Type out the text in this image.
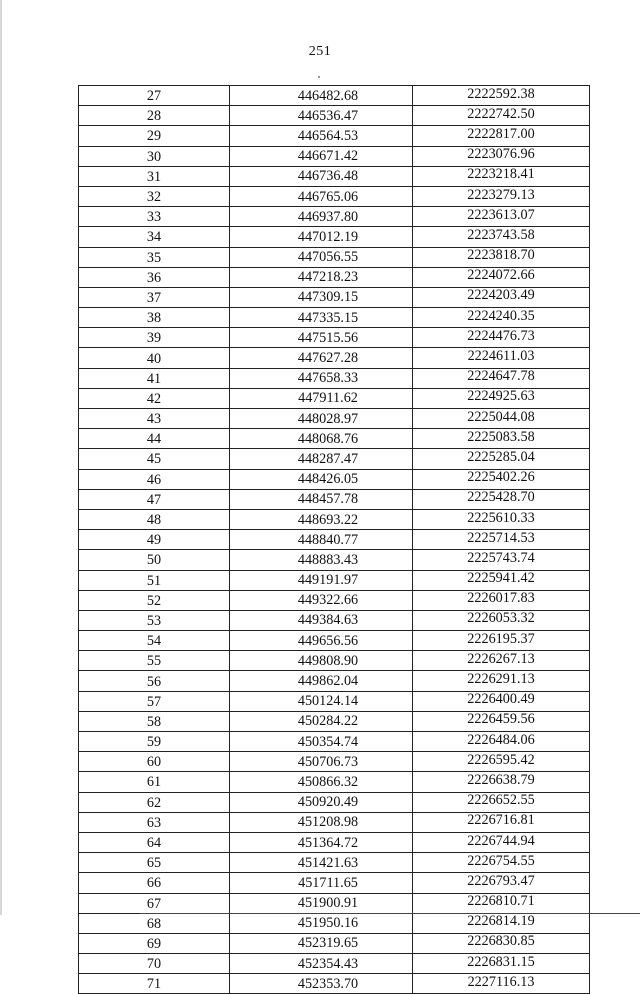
251
27	446482.68	2222592.38
28	446536.47	2222742.50
29	446564.53	2222817.00
30	446671.42	2223076.96
31	446736.48	2223218.41
32	446765.06	2223279.13
33	446937.80	2223613.07
34	447012.19	2223743.58
35	447056.55	2223818.70
36	447218.23	2224072.66
37	447309.15	2224203.49
38	447335.15	2224240.35
39	447515.56	2224476.73
40	447627.28	2224611.03
41	447658.33	2224647.78
42	447911.62	2224925.63
43	448028.97	2225044.08
44	448068.76	2225083.58
45	448287.47	2225285.04
46	448426.05	2225402.26
47	448457.78	2225428.70
48	448693.22	2225610.33
49	448840.77	2225714.53
50	448883.43	2225743.74
51	449191.97	2225941.42
52	449322.66	2226017.83
53	449384.63	2226053.32
54	449656.56	2226195.37
55	449808.90	2226267.13
56	449862.04	2226291.13
57	450124.14	2226400.49
58	450284.22	2226459.56
59	450354.74	2226484.06
60	450706.73	2226595.42
61	450866.32	2226638.79
62	450920.49	2226652.55
63	451208.98	2226716.81
64	451364.72	2226744.94
65	451421.63	2226754.55
66	451711.65	2226793.47
67	451900.91	2226810.71
68	451950.16	2226814.19
69	452319.65	2226830.85
70	452354.43	2226831.15
71	452353.70	2227116.13
